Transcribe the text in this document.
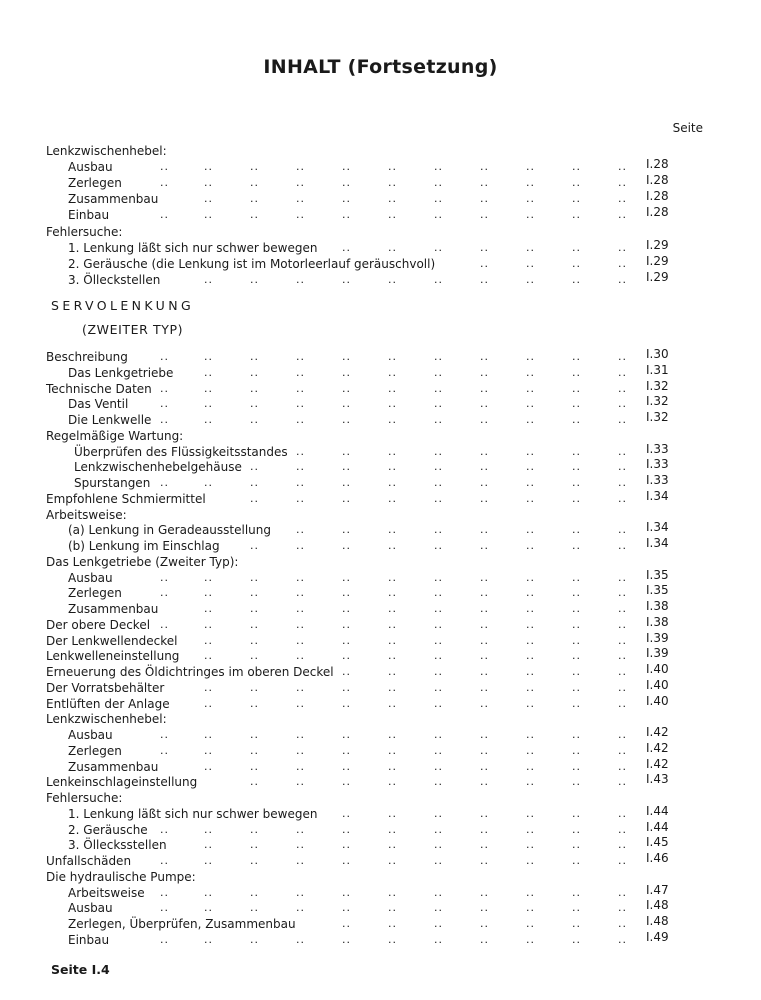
INHALT (Fortsetzung)
Seite
Lenkzwischenhebel:
Ausbau	..	..	..	..	..	..	..	..	..	..	.. I.28
Zerlegen	..	..	..	..	..	..	..	..	..	..	.. I.28
Zusammenbau	..	..	..	..	..	..	..	..	..	.. I.28
Einbau	..	..	..	..	..	..	..	..	..	..	.. I.28
Fehlersuche:
1. Lenkung läßt sich nur schwer bewegen ..	..	..	..	..	..	.. I.29
2. Geräusche (die Lenkung ist im Motorleerlauf geräuschvoll)	..	..	..	.. I.29
3. Ölleckstellen	..	..	..	..	..	..	..	..	..	.. I.29
Beschreibung	..	..	..	..	..	..	..	..	..	..	.. I.30
Das Lenkgetriebe	..	..	..	..	..	..	..	..	..	.. I.31
Technische Daten ..	..	..	..	..	..	..	..	..	..	.. I.32
Das Ventil	..	..	..	..	..	..	..	..	..	..	.. I.32
Die Lenkwelle ..	..	..	..	..	..	..	..	..	..	.. I.32
Regelmäßige Wartung:
Überprüfen des Flüssigkeitsstandes ..	..	..	..	..	..	..	.. I.33
Lenkzwischenhebelgehäuse ..	..	..	..	..	..	..	..	.. I.33
Spurstangen ..	..	..	..	..	..	..	..	..	..	.. I.33
Empfohlene Schmiermittel	..	..	..	..	..	..	..	..	.. I.34
Arbeitsweise:
(a) Lenkung in Geradeausstellung ..	..	..	..	..	..	..	.. I.34
(b) Lenkung im Einschlag	..	..	..	..	..	..	..	..	.. I.34
Das Lenkgetriebe (Zweiter Typ):
Ausbau	..	..	..	..	..	..	..	..	..	..	.. I.35
Zerlegen	..	..	..	..	..	..	..	..	..	..	.. I.35
Zusammenbau	..	..	..	..	..	..	..	..	..	.. I.38
Der obere Deckel ..	..	..	..	..	..	..	..	..	..	.. I.38
Der Lenkwellendeckel ..	..	..	..	..	..	..	..	..	.. I.39
Lenkwelleneinstellung ..	..	..	..	..	..	..	..	..	.. I.39
Erneuerung des Öldichtringes im oberen Deckel ..	..	..	..	..	..	.. I.40
Der Vorratsbehälter	..	..	..	..	..	..	..	..	..	.. I.40
Entlüften der Anlage	..	..	..	..	..	..	..	..	..	.. I.40
Lenkzwischenhebel:
Ausbau	..	..	..	..	..	..	..	..	..	..	.. I.42
Zerlegen	..	..	..	..	..	..	..	..	..	..	.. I.42
Zusammenbau	..	..	..	..	..	..	..	..	..	.. I.42
Lenkeinschlageinstellung	..	..	..	..	..	..	..	..	.. I.43
Fehlersuche:
1. Lenkung läßt sich nur schwer bewegen ..	..	..	..	..	..	.. I.44
2. Geräusche ..	..	..	..	..	..	..	..	..	..	.. I.44
3. Öllecksstellen	..	..	..	..	..	..	..	..	..	.. I.45
Unfallschäden	..	..	..	..	..	..	..	..	..	..	.. I.46
Die hydraulische Pumpe:
Arbeitsweise ..	..	..	..	..	..	..	..	..	..	.. I.47
Ausbau	..	..	..	..	..	..	..	..	..	..	.. I.48
Zerlegen, Überprüfen, Zusammenbau	..	..	..	..	..	..	.. I.48
Einbau	..	..	..	..	..	..	..	..	..	..	.. I.49
SERVOLENKUNG
(ZWEITER TYP)
Seite I.4
